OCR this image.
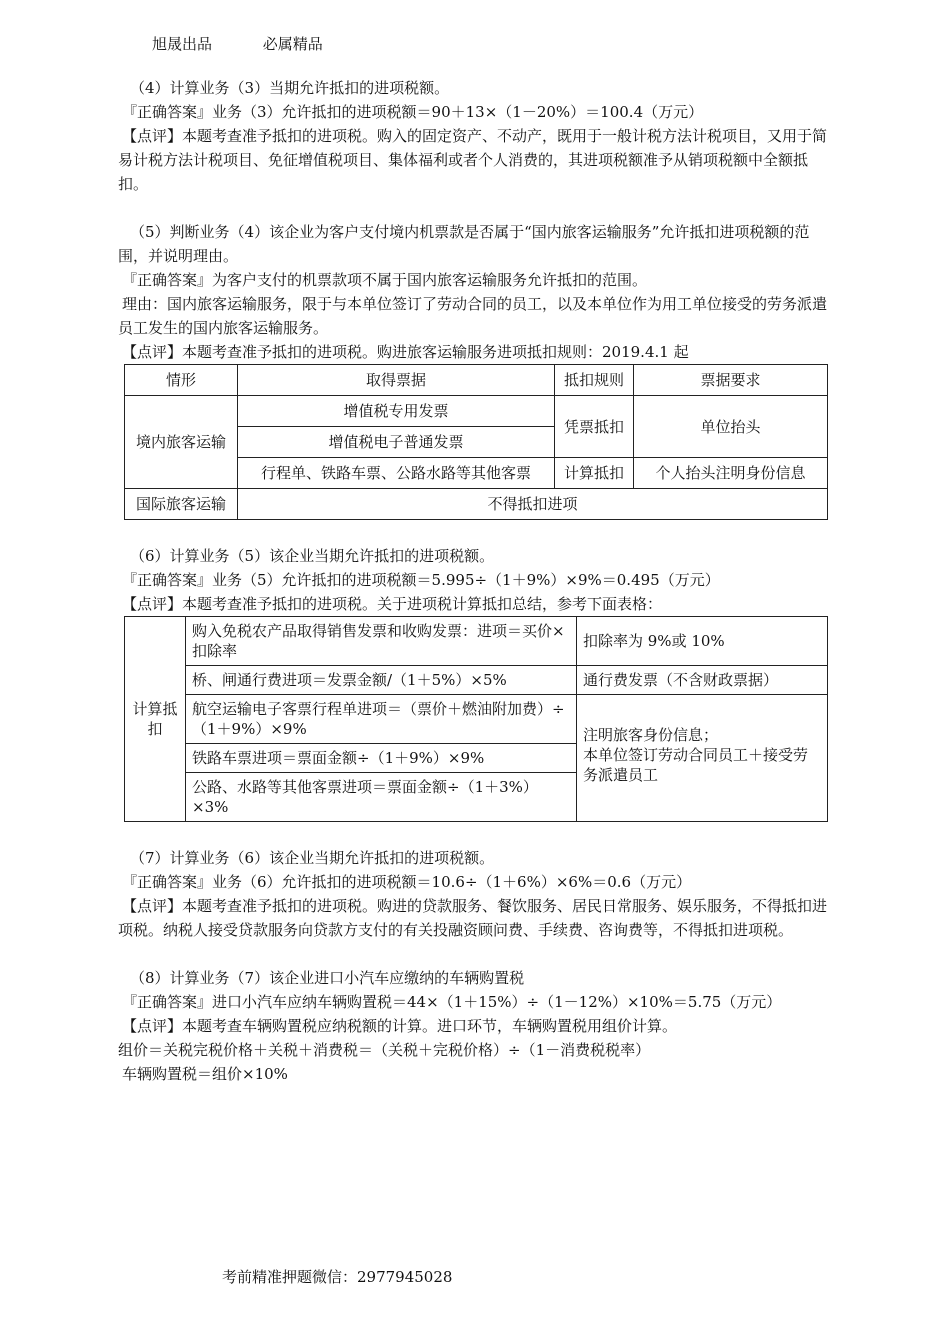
旭晟出品	必属精品

（4）计算业务（3）当期允许抵扣的进项税额。

『正确答案』业务（3）允许抵扣的进项税额＝90＋13×（1－20%）＝100.4（万元）

【点评】本题考查准予抵扣的进项税。购入的固定资产、不动产，既用于一般计税方法计税项目，又用于简易计税方法计税项目、免征增值税项目、集体福利或者个人消费的，其进项税额准予从销项税额中全额抵扣。

（5）判断业务（4）该企业为客户支付境内机票款是否属于“国内旅客运输服务”允许抵扣进项税额的范围，并说明理由。

『正确答案』为客户支付的机票款项不属于国内旅客运输服务允许抵扣的范围。

理由：国内旅客运输服务，限于与本单位签订了劳动合同的员工，以及本单位作为用工单位接受的劳务派遣员工发生的国内旅客运输服务。

【点评】本题考查准予抵扣的进项税。购进旅客运输服务进项抵扣规则：2019.4.1 起

情形	取得票据	抵扣规则	票据要求
境内旅客运输	增值税专用发票	凭票抵扣	单位抬头
	增值税电子普通发票		
	行程单、铁路车票、公路水路等其他客票	计算抵扣	个人抬头注明身份信息
国际旅客运输	不得抵扣进项		

（6）计算业务（5）该企业当期允许抵扣的进项税额。

『正确答案』业务（5）允许抵扣的进项税额＝5.995÷（1＋9%）×9%＝0.495（万元）

【点评】本题考查准予抵扣的进项税。关于进项税计算抵扣总结，参考下面表格：

计算抵扣	购入免税农产品取得销售发票和收购发票：进项＝买价×扣除率	扣除率为 9%或 10%
	桥、闸通行费进项＝发票金额/（1＋5%）×5%	通行费发票（不含财政票据）
	航空运输电子客票行程单进项＝（票价＋燃油附加费）÷（1＋9%）×9%	注明旅客身份信息；
本单位签订劳动合同员工＋接受劳务派遣员工

	铁路车票进项＝票面金额÷（1＋9%）×9%	
	公路、水路等其他客票进项＝票面金额÷（1＋3%）×3%	

（7）计算业务（6）该企业当期允许抵扣的进项税额。

『正确答案』业务（6）允许抵扣的进项税额＝10.6÷（1＋6%）×6%＝0.6（万元）

【点评】本题考查准予抵扣的进项税。购进的贷款服务、餐饮服务、居民日常服务、娱乐服务，不得抵扣进项税。纳税人接受贷款服务向贷款方支付的有关投融资顾问费、手续费、咨询费等，不得抵扣进项税。

（8）计算业务（7）该企业进口小汽车应缴纳的车辆购置税

『正确答案』进口小汽车应纳车辆购置税＝44×（1＋15%）÷（1－12%）×10%＝5.75（万元）

【点评】本题考查车辆购置税应纳税额的计算。进口环节，车辆购置税用组价计算。

组价＝关税完税价格＋关税＋消费税＝（关税＋完税价格）÷（1－消费税税率）

车辆购置税＝组价×10%

考前精准押题微信：2977945028
